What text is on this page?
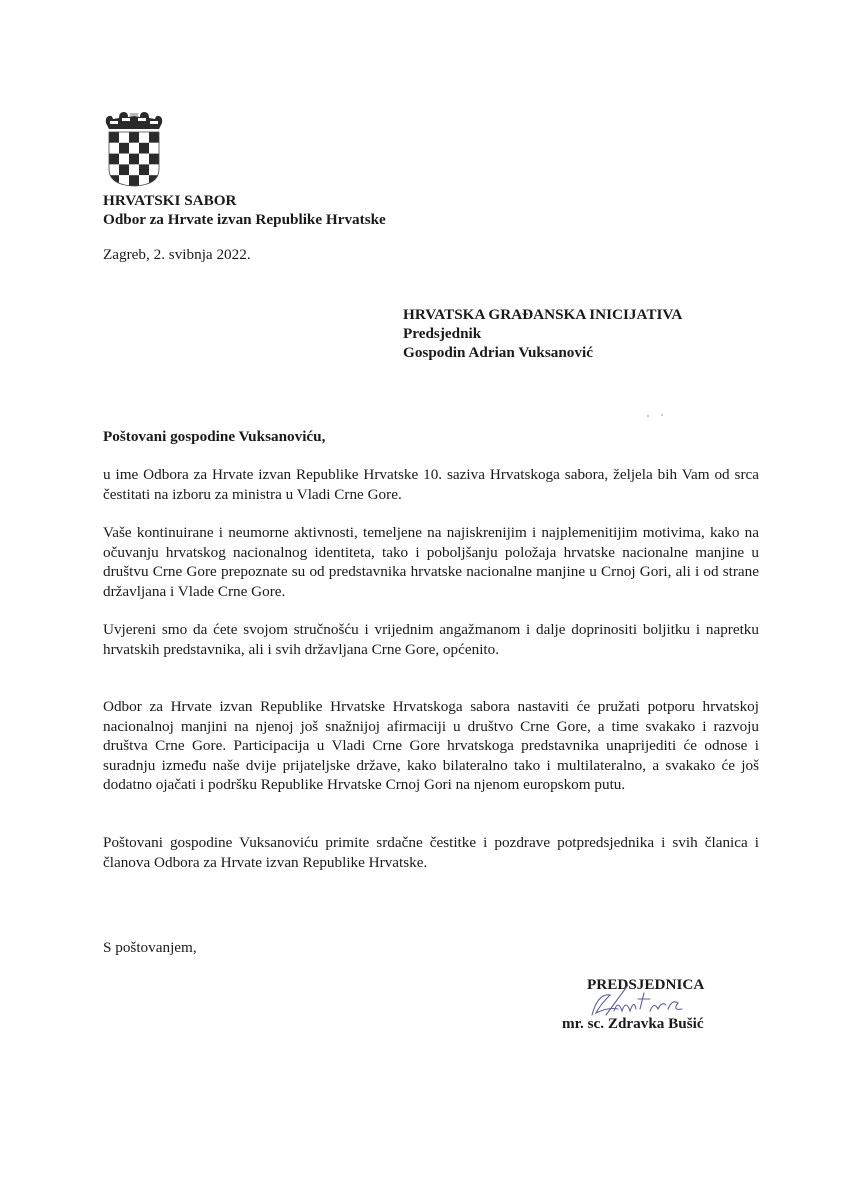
HRVATSKI SABOR
Odbor za Hrvate izvan Republike Hrvatske
Zagreb, 2. svibnja 2022.
HRVATSKA GRAĐANSKA INICIJATIVA
Predsjednik
Gospodin Adrian Vuksanović
Poštovani gospodine Vuksanoviću,
u ime Odbora za Hrvate izvan Republike Hrvatske 10. saziva Hrvatskoga sabora, željela bih Vam od srca čestitati na izboru za ministra u Vladi Crne Gore.
Vaše kontinuirane i neumorne aktivnosti, temeljene na najiskrenijim i najplemenitijim motivima, kako na očuvanju hrvatskog nacionalnog identiteta, tako i poboljšanju položaja hrvatske nacionalne manjine u društvu Crne Gore prepoznate su od predstavnika hrvatske nacionalne manjine u Crnoj Gori, ali i od strane državljana i Vlade Crne Gore.
Uvjereni smo da ćete svojom stručnošću i vrijednim angažmanom i dalje doprinositi boljitku i napretku hrvatskih predstavnika, ali i svih državljana Crne Gore, općenito.
Odbor za Hrvate izvan Republike Hrvatske Hrvatskoga sabora nastaviti će pružati potporu hrvatskoj nacionalnoj manjini na njenoj još snažnijoj afirmaciji u društvo Crne Gore, a time svakako i razvoju društva Crne Gore. Participacija u Vladi Crne Gore hrvatskoga predstavnika unaprijediti će odnose i suradnju između naše dvije prijateljske države, kako bilateralno tako i multilateralno, a svakako će još dodatno ojačati i podršku Republike Hrvatske Crnoj Gori na njenom europskom putu.
Poštovani gospodine Vuksanoviću primite srdačne čestitke i pozdrave potpredsjednika i svih članica i članova Odbora za Hrvate izvan Republike Hrvatske.
S poštovanjem,
PREDSJEDNICA
mr. sc. Zdravka Bušić
